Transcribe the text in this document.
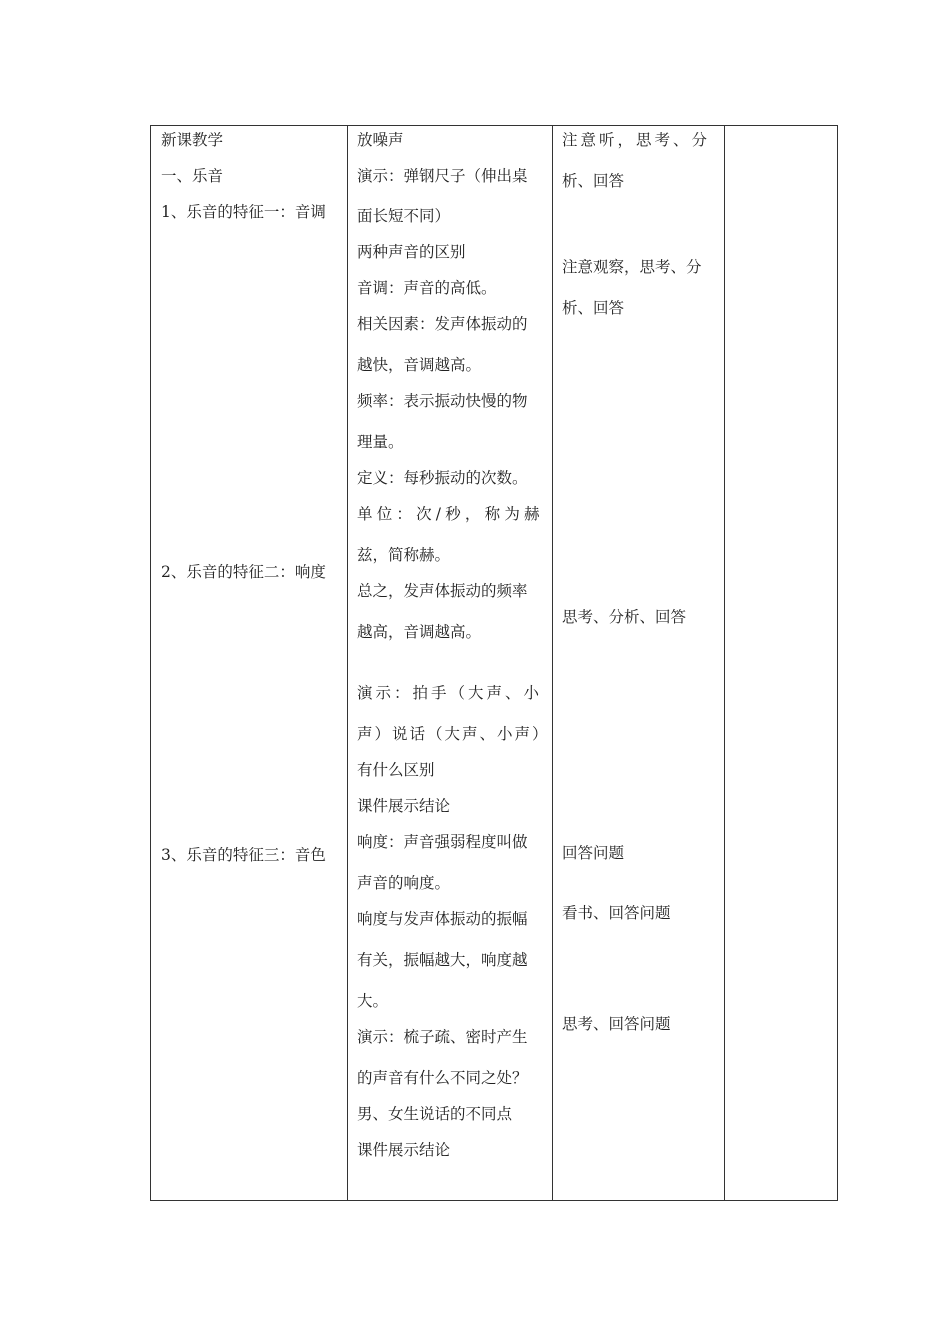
新课教学
一、乐音
1、乐音的特征一：音调
2、乐音的特征二：响度
3、乐音的特征三：音色
放噪声
演示：弹钢尺子（伸出桌
面长短不同）
两种声音的区别
音调：声音的高低。
相关因素：发声体振动的
越快，音调越高。
频率：表示振动快慢的物
理量。
定义：每秒振动的次数。
单位：次/秒，称为赫
兹，简称赫。
总之，发声体振动的频率
越高，音调越高。
演示：拍手（大声、小
声）说话（大声、小声）
有什么区别
课件展示结论
响度：声音强弱程度叫做
声音的响度。
响度与发声体振动的振幅
有关，振幅越大，响度越
大。
演示：梳子疏、密时产生
的声音有什么不同之处？
男、女生说话的不同点
课件展示结论
注意听，思考、分
析、回答
注意观察，思考、分
析、回答
思考、分析、回答
回答问题
看书、回答问题
思考、回答问题
